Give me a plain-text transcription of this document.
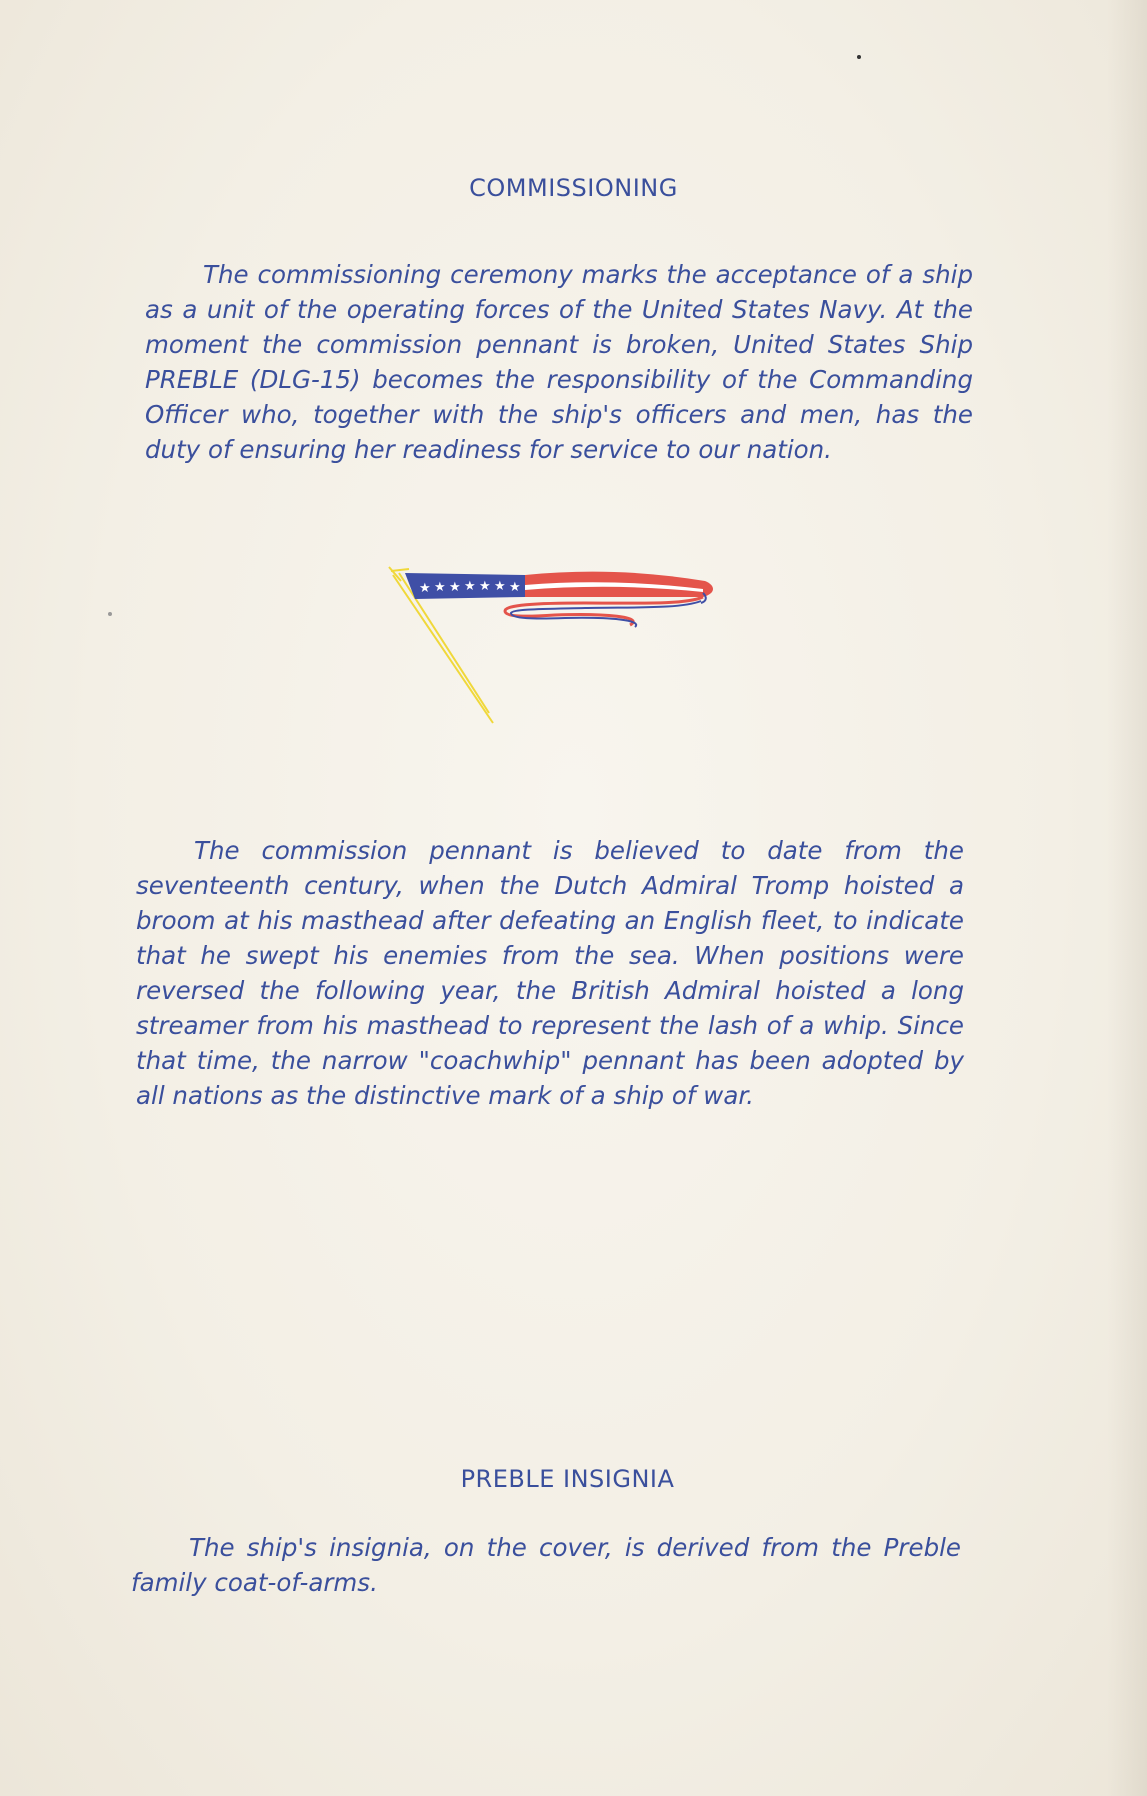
COMMISSIONING

The commissioning ceremony marks the acceptance of a ship as a unit of the operating forces of the United States Navy. At the moment the commission pennant is broken, United States Ship PREBLE (DLG-15) becomes the responsibility of the Commanding Officer who, together with the ship's officers and men, has the duty of ensuring her readiness for service to our nation.

★ ★ ★ ★ ★ ★ ★

The commission pennant is believed to date from the seventeenth century, when the Dutch Admiral Tromp hoisted a broom at his masthead after defeating an English fleet, to indicate that he swept his enemies from the sea. When positions were reversed the following year, the British Admiral hoisted a long streamer from his masthead to represent the lash of a whip. Since that time, the narrow "coachwhip" pennant has been adopted by all nations as the distinctive mark of a ship of war.

PREBLE INSIGNIA

The ship's insignia, on the cover, is derived from the Preble family coat-of-arms.
